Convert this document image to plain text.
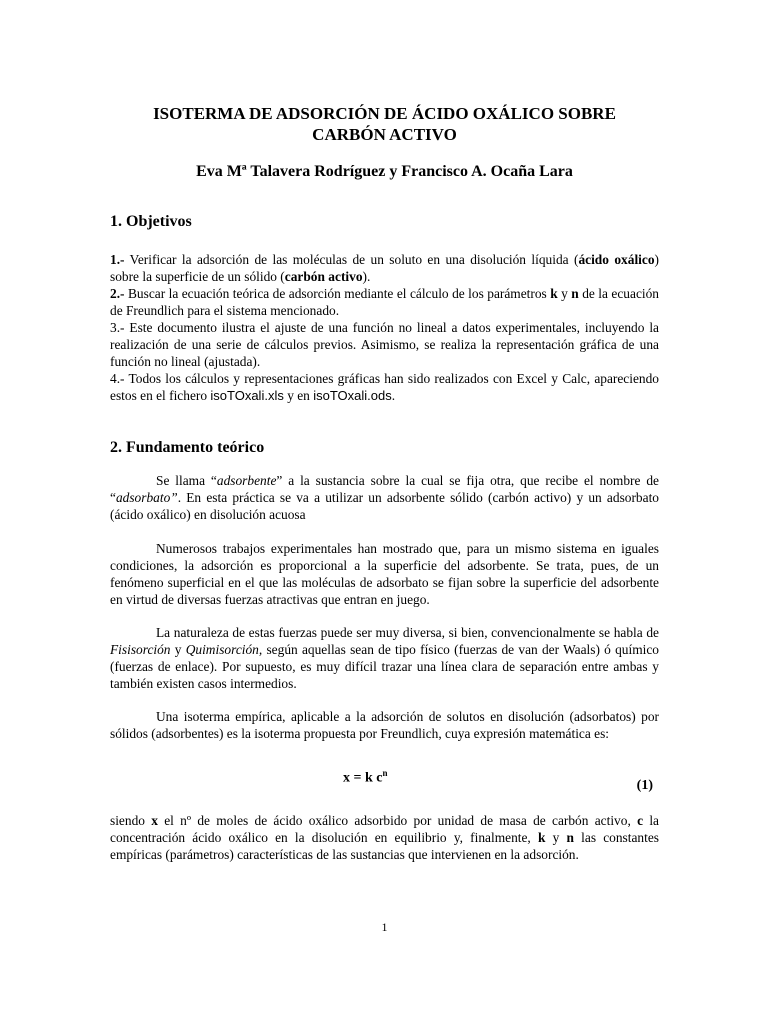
ISOTERMA DE ADSORCIÓN DE ÁCIDO OXÁLICO SOBRE
CARBÓN ACTIVO
Eva Mª Talavera Rodríguez y Francisco A. Ocaña Lara
1. Objetivos

1.- Verificar la adsorción de las moléculas de un soluto en una disolución líquida (ácido oxálico) sobre la superficie de un sólido (carbón activo).

2.- Buscar la ecuación teórica de adsorción mediante el cálculo de los parámetros k y n de la ecuación de Freundlich para el sistema mencionado.

3.- Este documento ilustra el ajuste de una función no lineal a datos experimentales, incluyendo la realización de una serie de cálculos previos. Asimismo, se realiza la representación gráfica de una función no lineal (ajustada).

4.- Todos los cálculos y representaciones gráficas han sido realizados con Excel y Calc, apareciendo estos en el fichero isoTOxali.xls y en isoTOxali.ods.

2. Fundamento teórico

Se llama “adsorbente” a la sustancia sobre la cual se fija otra, que recibe el nombre de “adsorbato”. En esta práctica se va a utilizar un adsorbente sólido (carbón activo) y un adsorbato (ácido oxálico) en disolución acuosa

Numerosos trabajos experimentales han mostrado que, para un mismo sistema en iguales condiciones, la adsorción es proporcional a la superficie del adsorbente. Se trata, pues, de un fenómeno superficial en el que las moléculas de adsorbato se fijan sobre la superficie del adsorbente en virtud de diversas fuerzas atractivas que entran en juego.

La naturaleza de estas fuerzas puede ser muy diversa, si bien, convencionalmente se habla de Fisisorción y Quimisorción, según aquellas sean de tipo físico (fuerzas de van der Waals) ó químico (fuerzas de enlace). Por supuesto, es muy difícil trazar una línea clara de separación entre ambas y también existen casos intermedios.

Una isoterma empírica, aplicable a la adsorción de solutos en disolución (adsorbatos) por sólidos (adsorbentes) es la isoterma propuesta por Freundlich, cuya expresión matemática es:

x = k $c^n$
(1)

siendo x el nº de moles de ácido oxálico adsorbido por unidad de masa de carbón activo, c la concentración ácido oxálico en la disolución en equilibrio y, finalmente, k y n las constantes empíricas (parámetros) características de las sustancias que intervienen en la adsorción.

1
